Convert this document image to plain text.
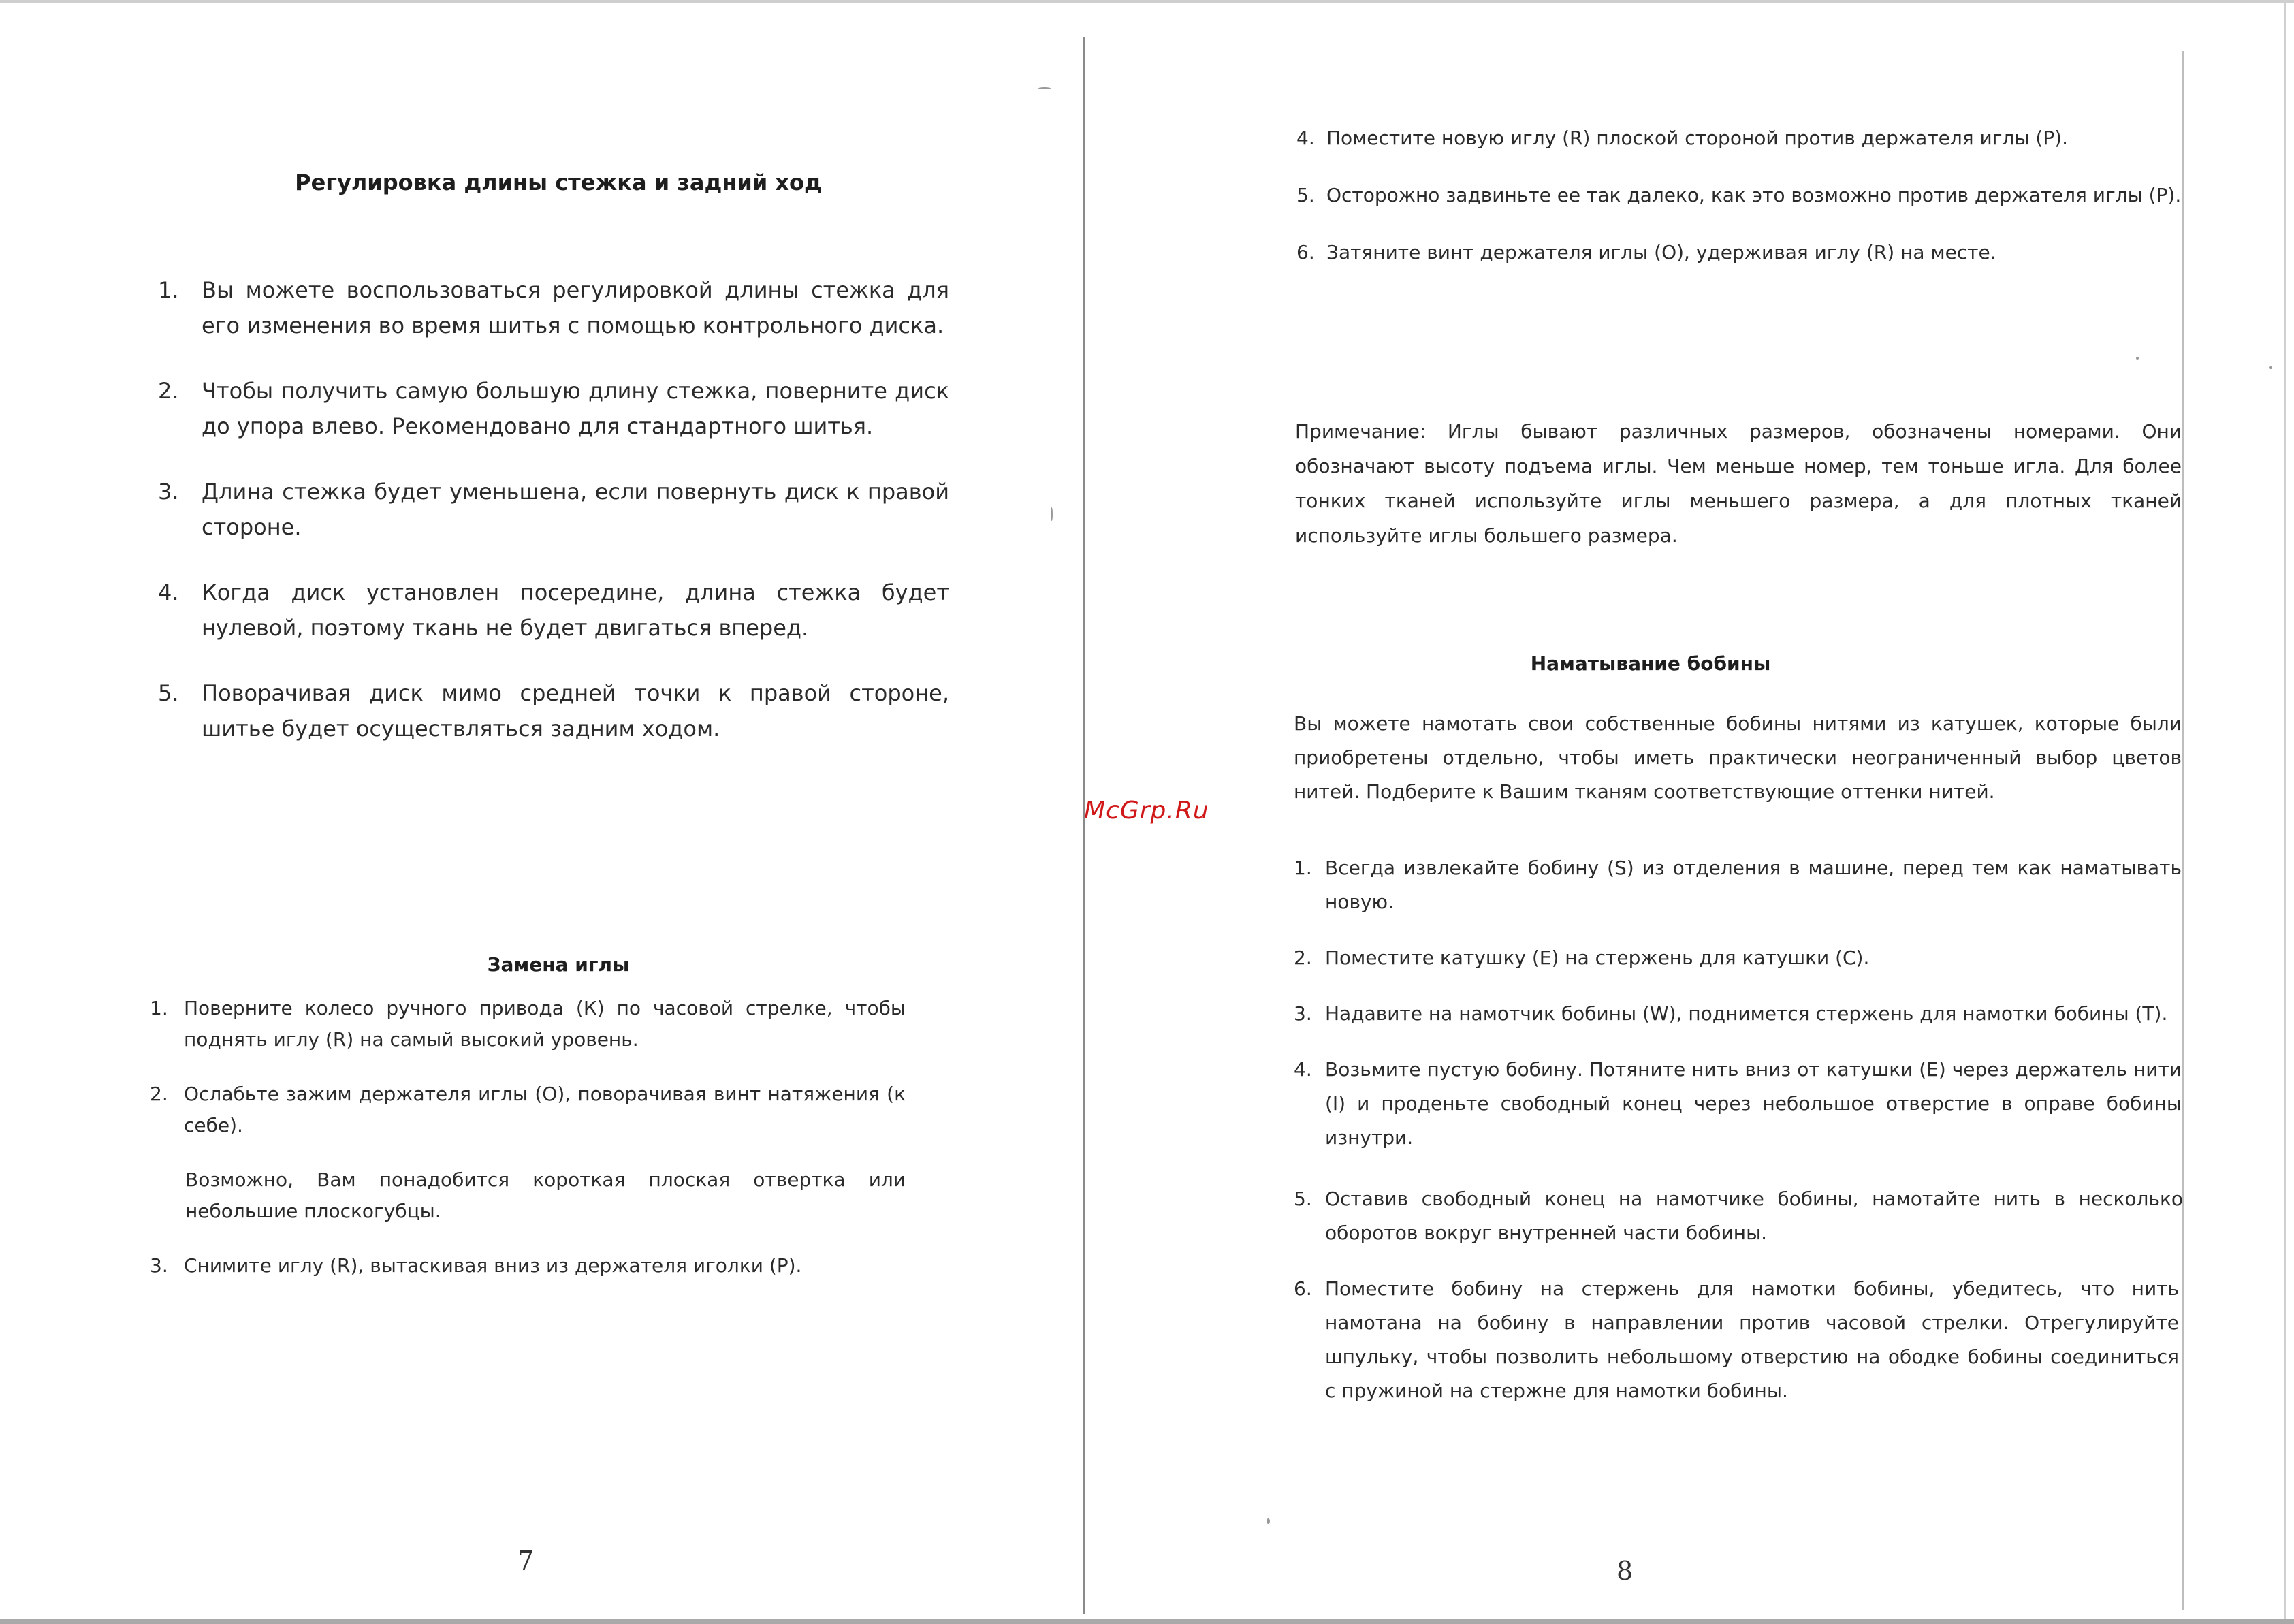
Регулировка длины стежка и задний ход
1. Вы можете воспользоваться регулировкой длины стежка для его изменения во время шитья с помощью контрольного диска.
2. Чтобы получить самую большую длину стежка, поверните диск до упора влево. Рекомендовано для стандартного шитья.
3. Длина стежка будет уменьшена, если повернуть диск к правой стороне.
4. Когда диск установлен посередине, длина стежка будет нулевой, поэтому ткань не будет двигаться вперед.
5. Поворачивая диск мимо средней точки к правой стороне, шитье будет осуществляться задним ходом.
Замена иглы
1. Поверните колесо ручного привода (К) по часовой стрелке, чтобы поднять иглу (R) на самый высокий уровень.
2. Ослабьте зажим держателя иглы (О), поворачивая винт натяжения (к себе).
Возможно, Вам понадобится короткая плоская отвертка или небольшие плоскогубцы.
3. Снимите иглу (R), вытаскивая вниз из держателя иголки (Р).
7
McGrp.Ru
4. Поместите новую иглу (R) плоской стороной против держателя иглы (Р).
5. Осторожно задвиньте ее так далеко, как это возможно против держателя иглы (Р).
6. Затяните винт держателя иглы (О), удерживая иглу (R) на месте.

Примечание: Иглы бывают различных размеров, обозначены номерами. Они обозначают высоту подъема иглы. Чем меньше номер, тем тоньше игла. Для более тонких тканей используйте иглы меньшего размера, а для плотных тканей используйте иглы большего размера.

Наматывание бобины

Вы можете намотать свои собственные бобины нитями из катушек, которые были приобретены отдельно, чтобы иметь практически неограниченный выбор цветов нитей. Подберите к Вашим тканям соответствующие оттенки нитей.

1. Всегда извлекайте бобину (S) из отделения в машине, перед тем как наматывать новую.
2. Поместите катушку (Е) на стержень для катушки (С).
3. Надавите на намотчик бобины (W), поднимется стержень для намотки бобины (Т).
4. Возьмите пустую бобину. Потяните нить вниз от катушки (Е) через держатель нити (I) и проденьте свободный конец через небольшое отверстие в оправе бобины изнутри.
5. Оставив свободный конец на намотчике бобины, намотайте нить в несколько оборотов вокруг внутренней части бобины.
6. Поместите бобину на стержень для намотки бобины, убедитесь, что нить намотана на бобину в направлении против часовой стрелки. Отрегулируйте шпульку, чтобы позволить небольшому отверстию на ободке бобины соединиться с пружиной на стержне для намотки бобины.
8
